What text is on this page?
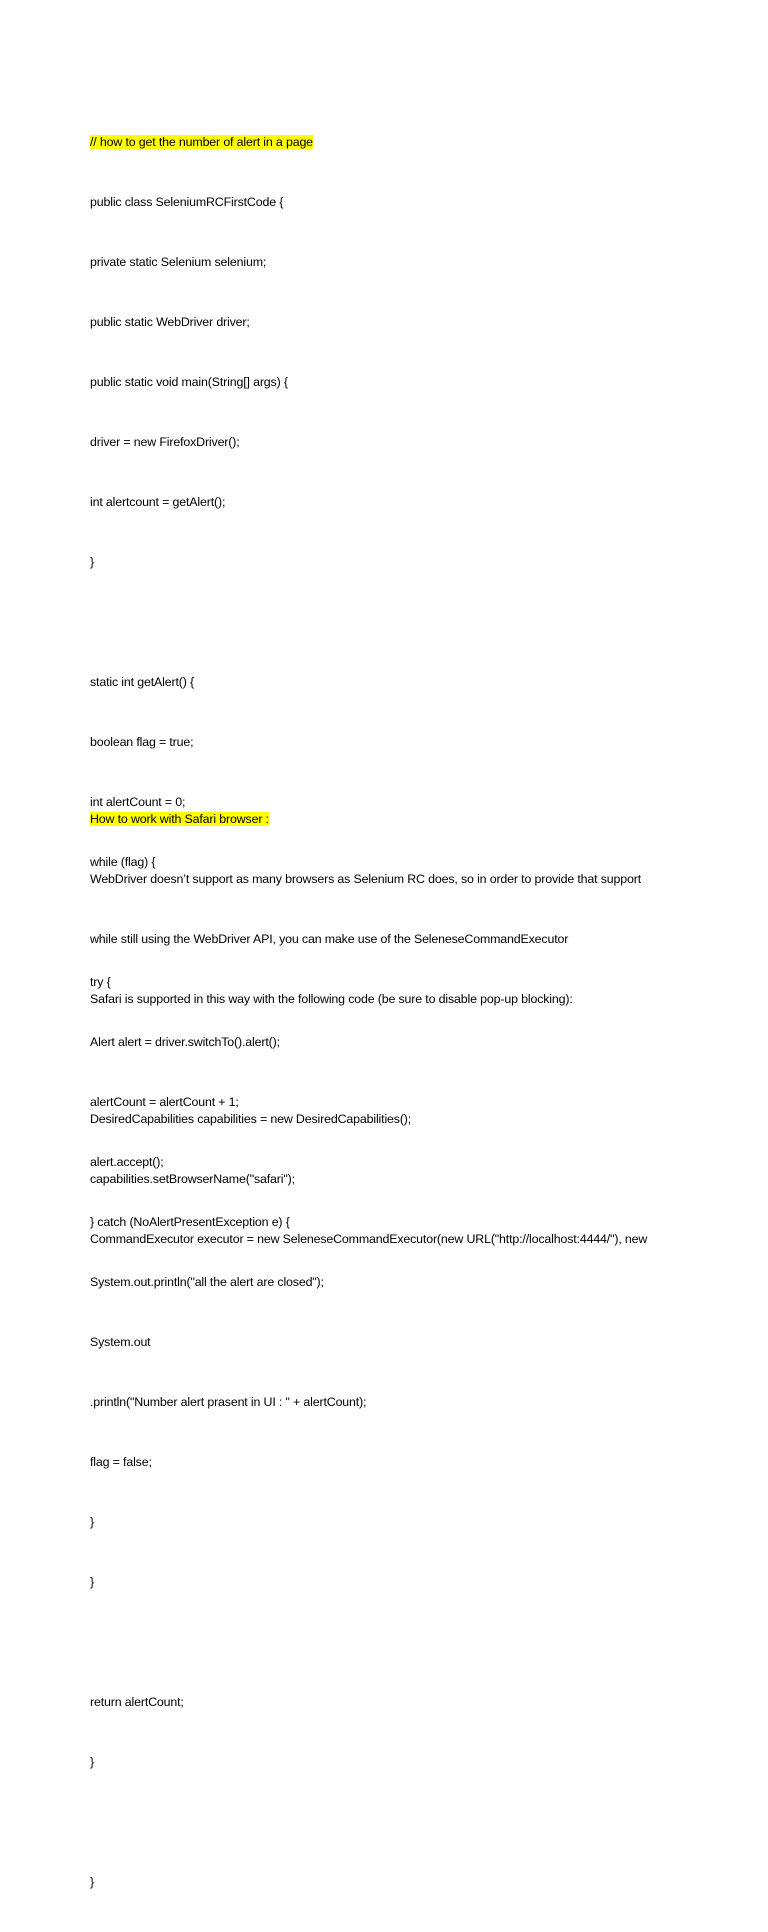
// how to get the number of alert in a page

public class SeleniumRCFirstCode {

private static Selenium selenium;

public static WebDriver driver;

public static void main(String[] args) {

driver = new FirefoxDriver();

int alertcount = getAlert();

}

static int getAlert() {

boolean flag = true;

int alertCount = 0;

while (flag) {

try {

Alert alert = driver.switchTo().alert();

alertCount = alertCount + 1;

alert.accept();

} catch (NoAlertPresentException e) {

System.out.println("all the alert are closed");

System.out

.println("Number alert prasent in UI : " + alertCount);

flag = false;

}

}

return alertCount;

}

}

How to work with Safari browser :

WebDriver doesn’t support as many browsers as Selenium RC does, so in order to provide that support

while still using the WebDriver API, you can make use of the SeleneseCommandExecutor

Safari is supported in this way with the following code (be sure to disable pop-up blocking):

DesiredCapabilities capabilities = new DesiredCapabilities();

capabilities.setBrowserName("safari");

CommandExecutor executor = new SeleneseCommandExecutor(new URL("http://localhost:4444/"), new
